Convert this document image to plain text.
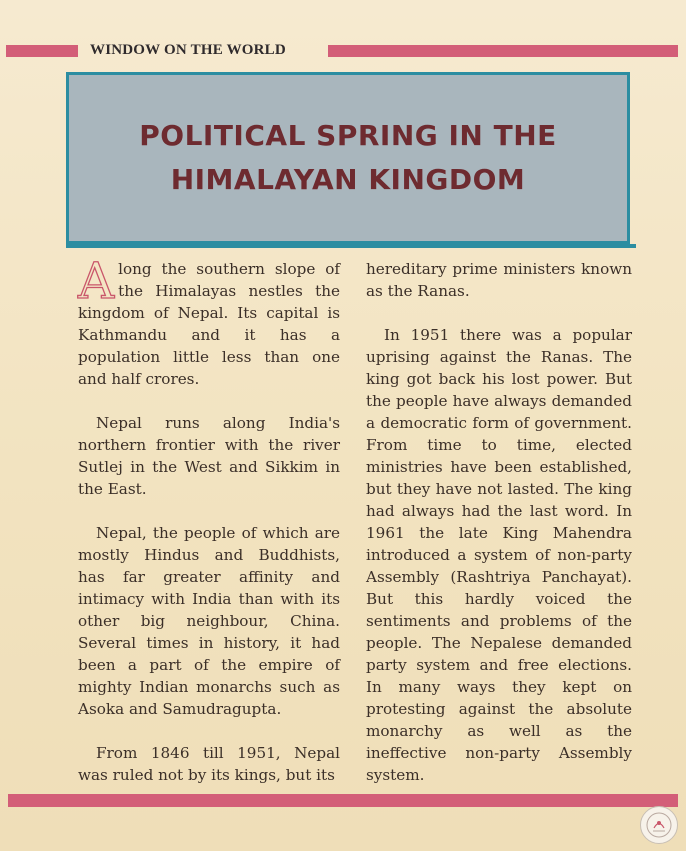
WINDOW ON THE WORLD
POLITICAL SPRING IN THE
HIMALAYAN KINGDOM

Along the southern slope of the Himalayas nestles the kingdom of Nepal. Its capital is Kathmandu and it has a population little less than one and half crores.

Nepal runs along India's northern frontier with the river Sutlej in the West and Sikkim in the East.

Nepal, the people of which are mostly Hindus and Buddhists, has far greater affinity and intimacy with India than with its other big neighbour, China. Several times in history, it had been a part of the empire of mighty Indian monarchs such as Asoka and Samudragupta.

From 1846 till 1951, Nepal was ruled not by its kings, but its

hereditary prime ministers known as the Ranas.

In 1951 there was a popular uprising against the Ranas. The king got back his lost power. But the people have always demanded a democratic form of government. From time to time, elected ministries have been established, but they have not lasted. The king had always had the last word. In 1961 the late King Mahendra introduced a system of non-party Assembly (Rashtriya Panchayat). But this hardly voiced the sentiments and problems of the people. The Nepalese demanded party system and free elections. In many ways they kept on protesting against the absolute monarchy as well as the ineffective non-party Assembly system.
